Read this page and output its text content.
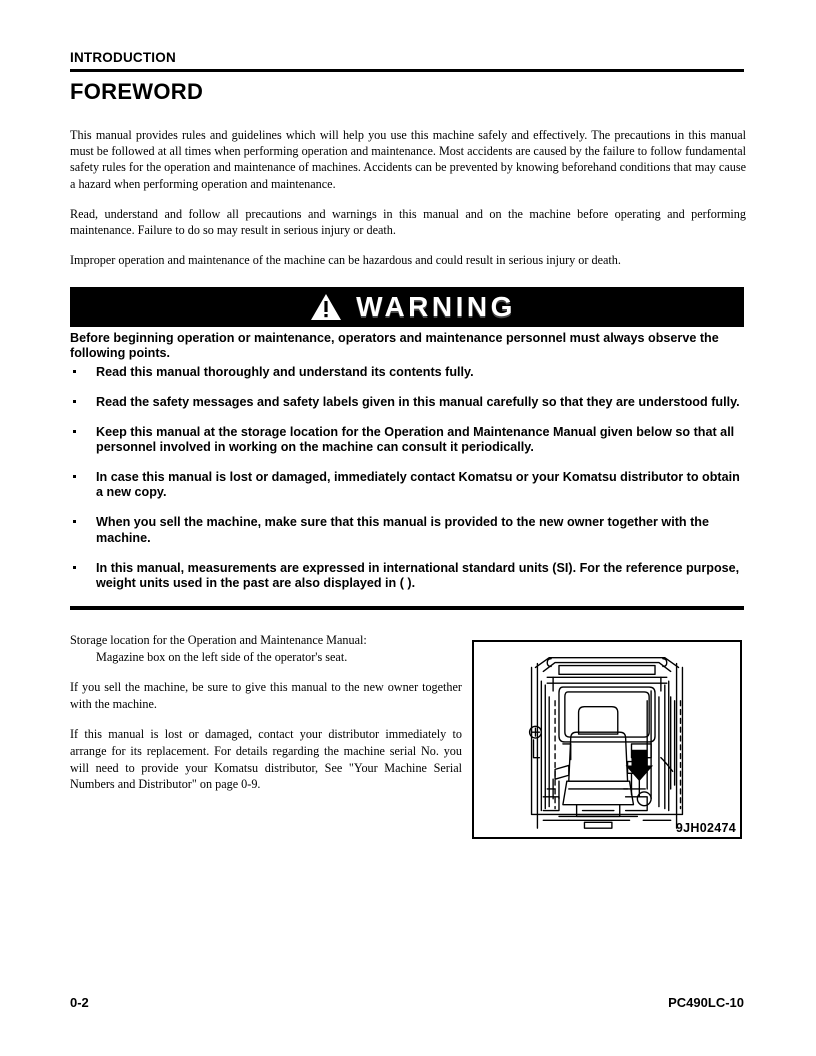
INTRODUCTION
FOREWORD

This manual provides rules and guidelines which will help you use this machine safely and effectively. The precautions in this manual must be followed at all times when performing operation and maintenance. Most accidents are caused by the failure to follow fundamental safety rules for the operation and maintenance of machines. Accidents can be prevented by knowing beforehand conditions that may cause a hazard when performing operation and maintenance.

Read, understand and follow all precautions and warnings in this manual and on the machine before operating and performing maintenance. Failure to do so may result in serious injury or death.

Improper operation and maintenance of the machine can be hazardous and could result in serious injury or death.

WARNING WARNING

Before beginning operation or maintenance, operators and maintenance personnel must always observe the following points.

Read this manual thoroughly and understand its contents fully.
Read the safety messages and safety labels given in this manual carefully so that they are understood fully.
Keep this manual at the storage location for the Operation and Maintenance Manual given below so that all personnel involved in working on the machine can consult it periodically.
In case this manual is lost or damaged, immediately contact Komatsu or your Komatsu distributor to obtain a new copy.
When you sell the machine, make sure that this manual is provided to the new owner together with the machine.
In this manual, measurements are expressed in international standard units (SI). For the reference purpose, weight units used in the past are also displayed in ( ).

Storage location for the Operation and Maintenance Manual:
Magazine box on the left side of the operator's seat.

If you sell the machine, be sure to give this manual to the new owner together with the machine.

If this manual is lost or damaged, contact your distributor immediately to arrange for its replacement. For details regarding the machine serial No. you will need to provide your Komatsu distributor, See "Your Machine Serial Numbers and Distributor" on page 0-9.

9JH02474
0-2	PC490LC-10
